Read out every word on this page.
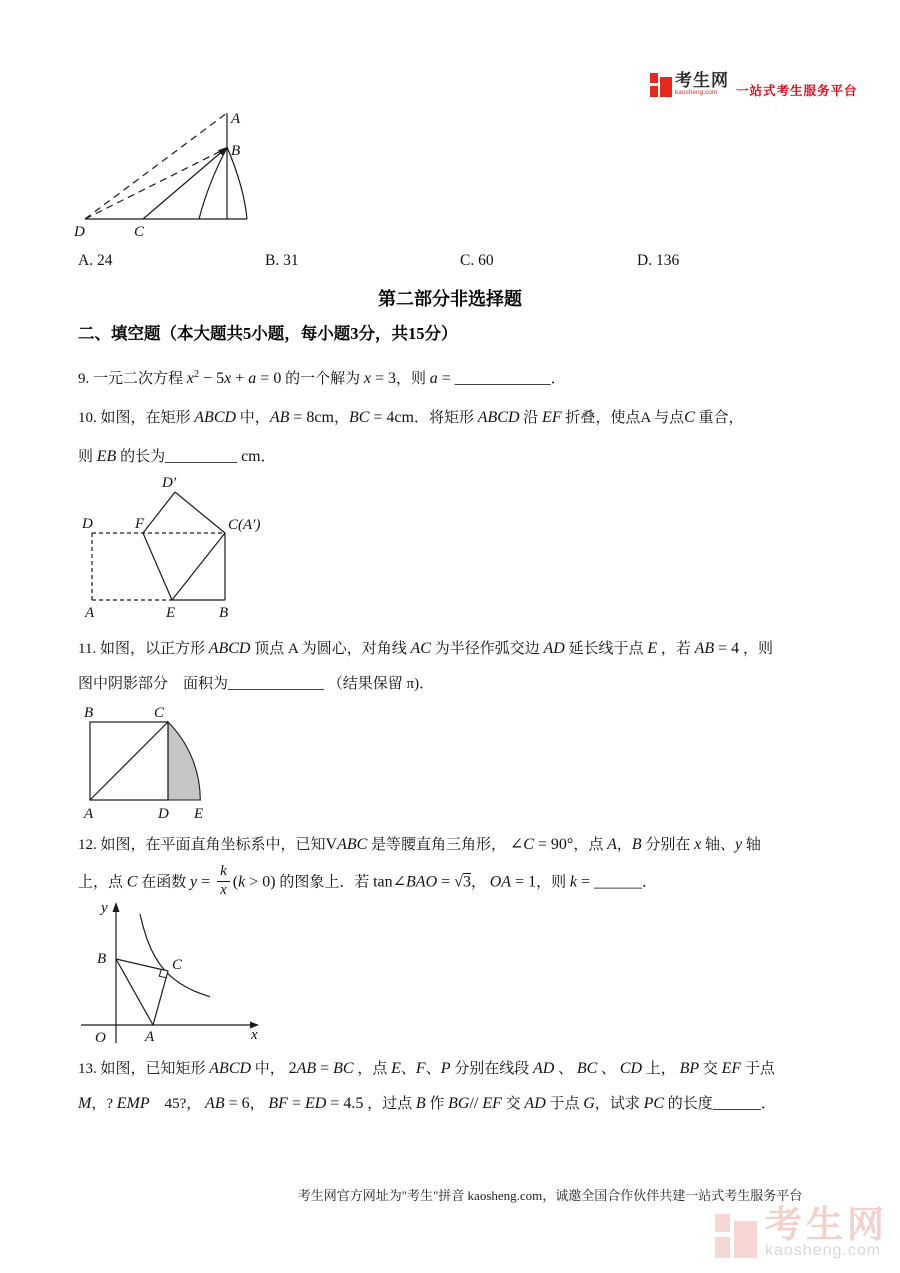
考生网
kaosheng.com	一站式考生服务平台
A
B
C
D
A. 24	B. 31	C. 60	D. 136
第二部分非选择题
二、填空题（本大题共5小题，每小题3分，共15分）
9. 一元二次方程 $x^2 - 5x + a = 0$ 的一个解为 x = 3，则 a = ____________．
10. 如图，在矩形 ABCD 中，AB = 8cm，BC = 4cm．将矩形 ABCD 沿 EF 折叠，使点A 与点C 重合，
则 EB 的长为_________ cm．
D′
D	F	C(A′)
A	E	B
11. 如图，以正方形 ABCD 顶点 A 为圆心，对角线 AC 为半径作弧交边 AD 延长线于点 E ，若 AB = 4 ，则
图中阴影部分　面积为____________ （结果保留 π)．
B	C
A	D E
12. 如图，在平面直角坐标系中，已知VABC 是等腰直角三角形， ∠C = 90°，点 A，B 分别在 x 轴、y 轴
上，点 C 在函数 $y = \frac{k}{x} (k > 0)$ 的图象上．若 tan∠BAO = √3， OA = 1，则 k = ______．
y
x
O
B
A
C
13. 如图，已知矩形 ABCD 中， 2AB = BC ，点 E、F、P 分别在线段 AD 、 BC 、 CD 上， BP 交 EF 于点
M，? EMP　45?， AB = 6， BF = ED = 4.5 ，过点 B 作 BG// EF 交 AD 于点 G，试求 PC 的长度______．
考生网官方网址为"考生"拼音 kaosheng.com，诚邀全国合作伙伴共建一站式考生服务平台
考生网
kaosheng.com
